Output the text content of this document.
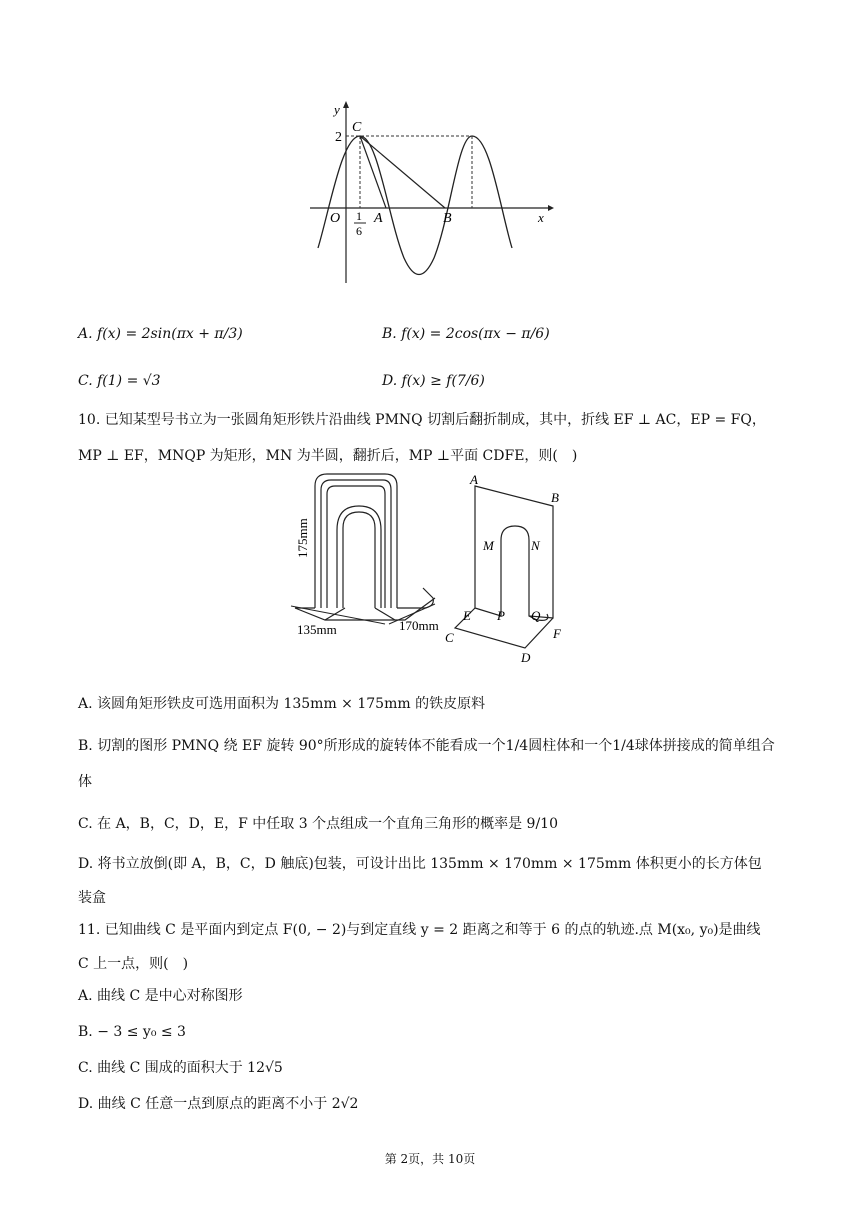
y
x
2
C
O A	B
1
6
A. f(x) = 2sin(πx + π/3)	B. f(x) = 2cos(πx − π/6)
C. f(1) = √3	D. f(x) ≥ f(7/6)
10. 已知某型号书立为一张圆角矩形铁片沿曲线 PMNQ 切割后翻折制成，其中，折线 EF ⊥ AC，EP = FQ，
MP ⊥ EF，MNQP 为矩形，MN 为半圆，翻折后，MP ⊥平面 CDFE，则(　)
175mm
135mm	170mm
A
B
M	N
E P Q
C	F
D
A. 该圆角矩形铁皮可选用面积为 135mm × 175mm 的铁皮原料
B. 切割的图形 PMNQ 绕 EF 旋转 90°所形成的旋转体不能看成一个1/4圆柱体和一个1/4球体拼接成的简单组合
体
C. 在 A，B，C，D，E，F 中任取 3 个点组成一个直角三角形的概率是 9/10
D. 将书立放倒(即 A，B，C，D 触底)包装，可设计出比 135mm × 170mm × 175mm 体积更小的长方体包
装盒
11. 已知曲线 C 是平面内到定点 F(0, − 2)与到定直线 y = 2 距离之和等于 6 的点的轨迹.点 M(x₀, y₀)是曲线
C 上一点，则(　)
A. 曲线 C 是中心对称图形
B. − 3 ≤ y₀ ≤ 3
C. 曲线 C 围成的面积大于 12√5
D. 曲线 C 任意一点到原点的距离不小于 2√2
第 2页，共 10页
